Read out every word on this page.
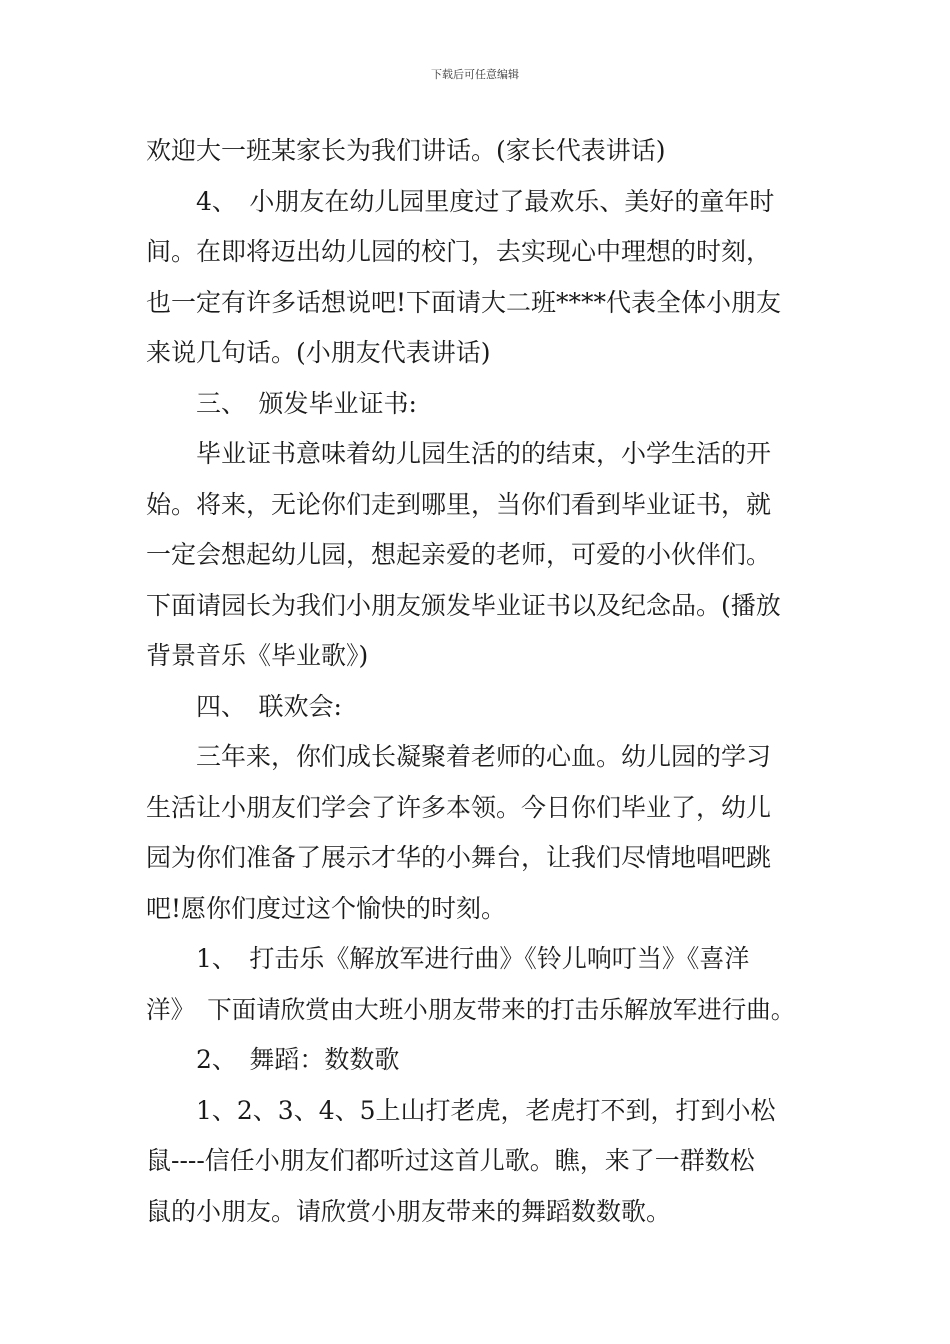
下载后可任意编辑

欢迎大一班某家长为我们讲话。(家长代表讲话)

4、　小朋友在幼儿园里度过了最欢乐、美好的童年时

间。在即将迈出幼儿园的校门，去实现心中理想的时刻，

也一定有许多话想说吧!下面请大二班****代表全体小朋友

来说几句话。(小朋友代表讲话)

三、　颁发毕业证书:

毕业证书意味着幼儿园生活的的结束，小学生活的开

始。将来，无论你们走到哪里，当你们看到毕业证书，就

一定会想起幼儿园，想起亲爱的老师，可爱的小伙伴们。

下面请园长为我们小朋友颁发毕业证书以及纪念品。(播放

背景音乐《毕业歌》)

四、　联欢会:

三年来，你们成长凝聚着老师的心血。幼儿园的学习

生活让小朋友们学会了许多本领。今日你们毕业了，幼儿

园为你们准备了展示才华的小舞台，让我们尽情地唱吧跳

吧!愿你们度过这个愉快的时刻。

1、　打击乐《解放军进行曲》《铃儿响叮当》《喜洋

洋》　下面请欣赏由大班小朋友带来的打击乐解放军进行曲。

2、　舞蹈：数数歌

1、2、3、4、5上山打老虎，老虎打不到，打到小松

鼠----信任小朋友们都听过这首儿歌。瞧，来了一群数松

鼠的小朋友。请欣赏小朋友带来的舞蹈数数歌。
